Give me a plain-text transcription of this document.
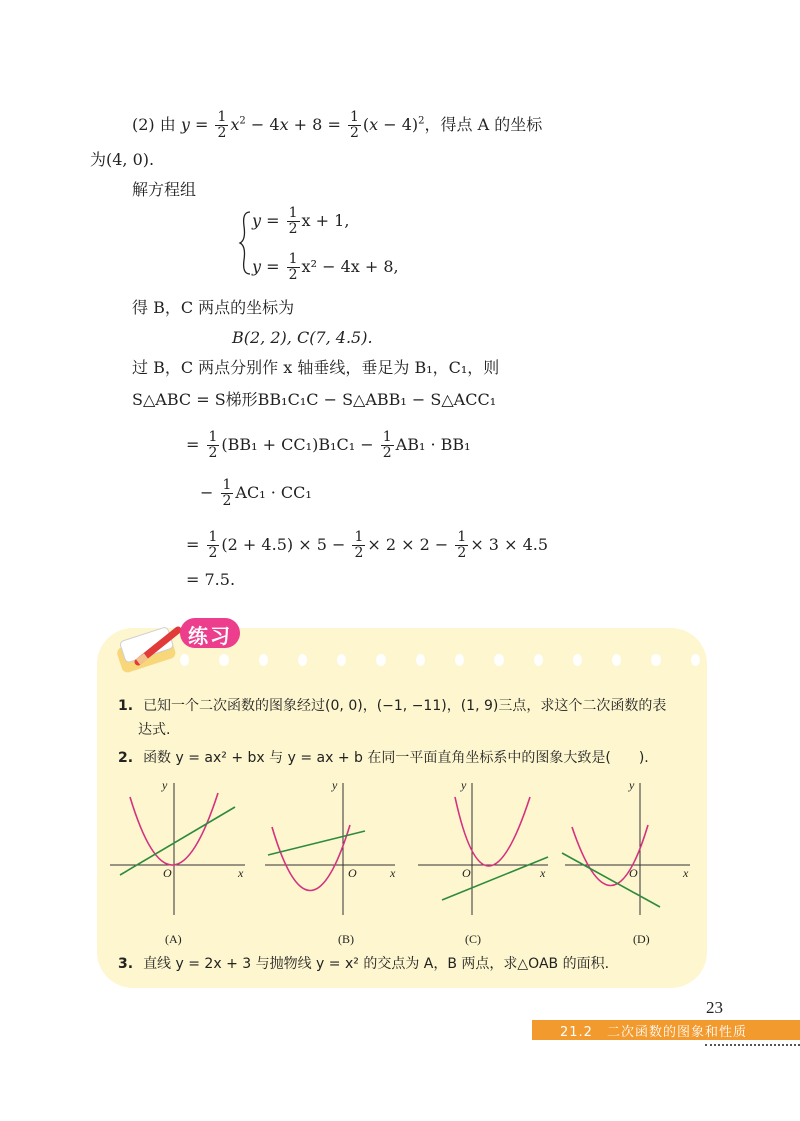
(2) 由 $y = \frac{1}{2} x^2 - 4x + 8 = \frac{1}{2} (x - 4)^2$，得点 A 的坐标
为(4, 0).
解方程组
$y = \frac{1}{2}$ x + 1,
$y = \frac{1}{2} x^2 - 4x + 8$,
得 B，C 两点的坐标为
B(2, 2), C(7, 4.5).
过 B，C 两点分别作 x 轴垂线，垂足为 B₁，C₁，则
S△ABC = S梯形BB₁C₁C − S△ABB₁ − S△ACC₁
= $\frac{1}{2} (BB_1 + CC_1)B_1C_1 - \frac{1}{2} AB_1 \cdot BB_1$
− $\frac{1}{2} AC_1 \cdot CC_1$
= $\frac{1}{2} (2 + 4.5) \times 5 - \frac{1}{2} \times 2 \times 2 - \frac{1}{2} \times 3 \times 4.5$
= 7.5.
练习
1. 已知一个二次函数的图象经过(0, 0)，(−1, −11)，(1, 9)三点，求这个二次函数的表
达式.
2. 函数 y = ax² + bx 与 y = ax + b 在同一平面直角坐标系中的图象大致是(　　).
y
x
O
y
x
O
y
x
O
y
x
O
(A)	(B)	(C)	(D)
3. 直线 y = 2x + 3 与抛物线 y = x² 的交点为 A，B 两点，求△OAB 的面积.
23
21.2　二次函数的图象和性质
